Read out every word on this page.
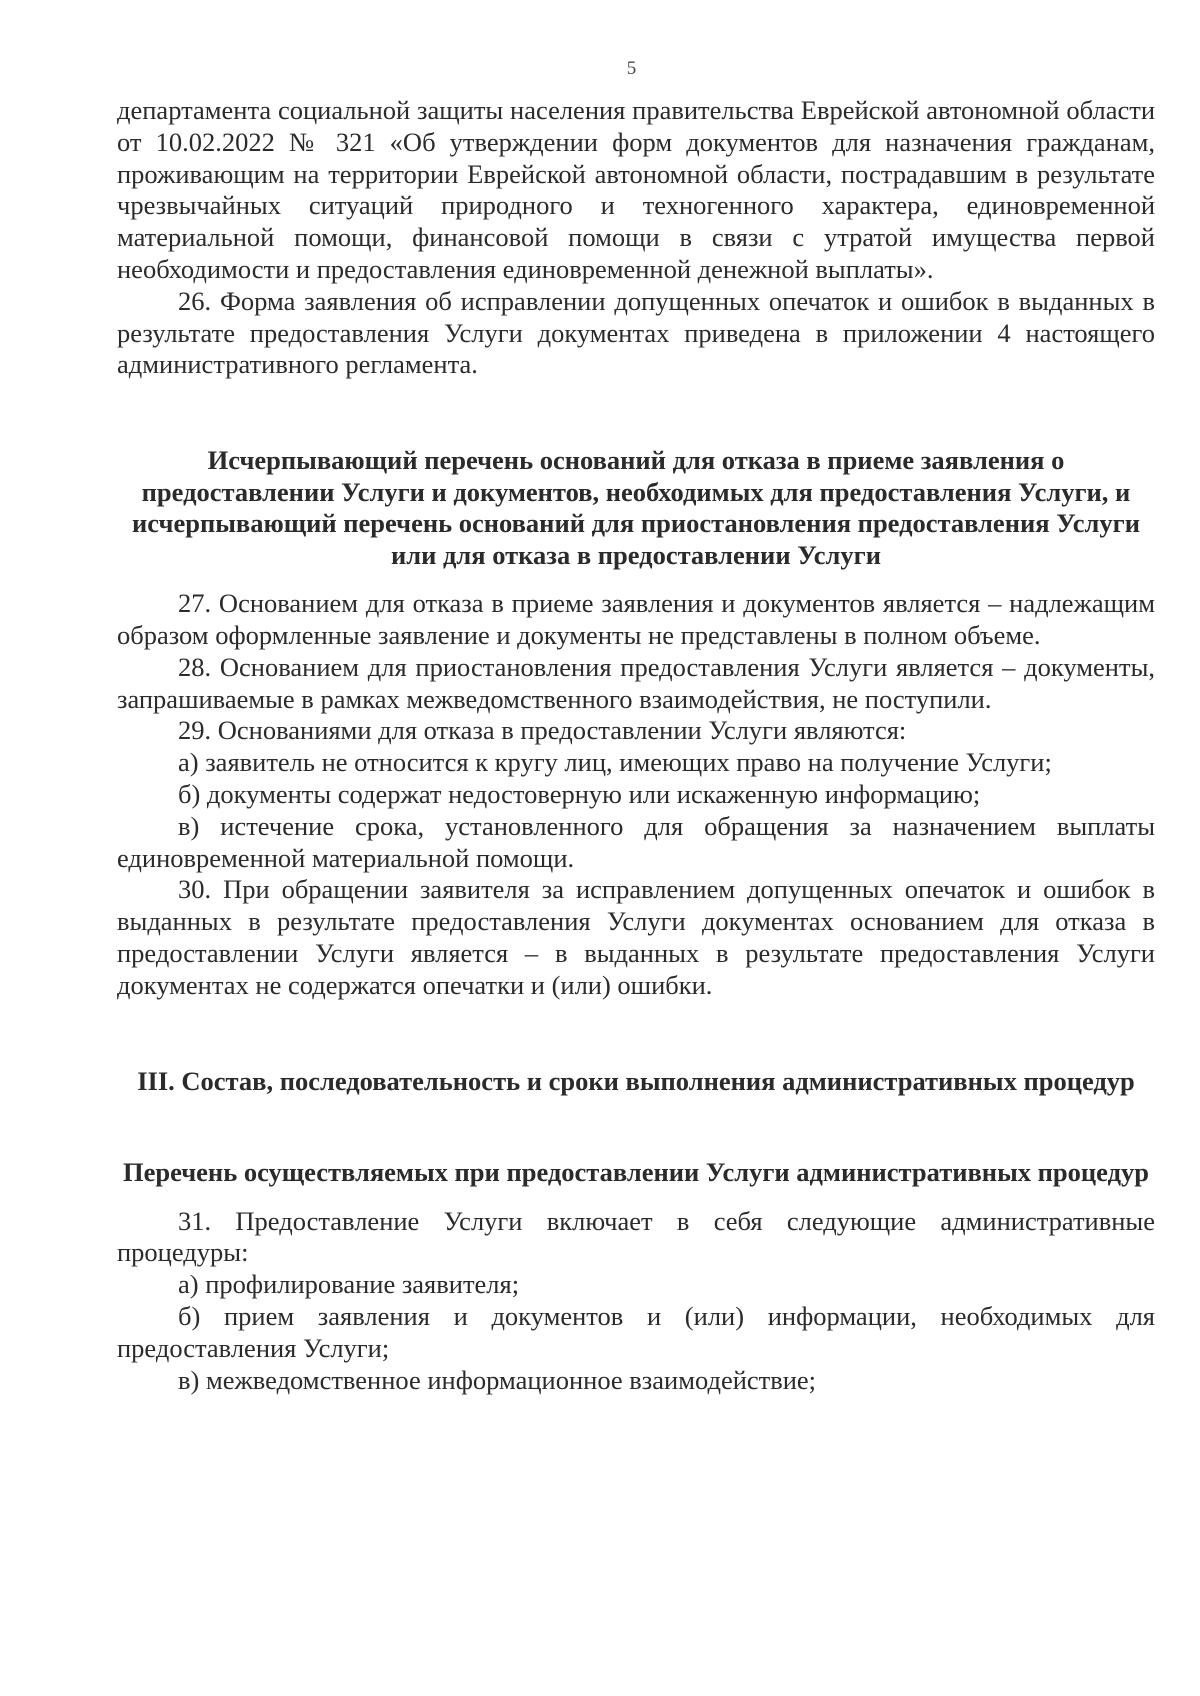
5

департамента социальной защиты населения правительства Еврейской автономной области от 10.02.2022 № 321 «Об утверждении форм документов для назначения гражданам, проживающим на территории Еврейской автономной области, пострадавшим в результате чрезвычайных ситуаций природного и техногенного характера, единовременной материальной помощи, финансовой помощи в связи с утратой имущества первой необходимости и предоставления единовременной денежной выплаты».

26. Форма заявления об исправлении допущенных опечаток и ошибок в выданных в результате предоставления Услуги документах приведена в приложении 4 настоящего административного регламента.

Исчерпывающий перечень оснований для отказа в приеме заявления о предоставлении Услуги и документов, необходимых для предоставления Услуги, и исчерпывающий перечень оснований для приостановления предоставления Услуги или для отказа в предоставлении Услуги

27. Основанием для отказа в приеме заявления и документов является – надлежащим образом оформленные заявление и документы не представлены в полном объеме.

28. Основанием для приостановления предоставления Услуги является – документы, запрашиваемые в рамках межведомственного взаимодействия, не поступили.

29. Основаниями для отказа в предоставлении Услуги являются:

а) заявитель не относится к кругу лиц, имеющих право на получение Услуги;

б) документы содержат недостоверную или искаженную информацию;

в) истечение срока, установленного для обращения за назначением выплаты единовременной материальной помощи.

30. При обращении заявителя за исправлением допущенных опечаток и ошибок в выданных в результате предоставления Услуги документах основанием для отказа в предоставлении Услуги является – в выданных в результате предоставления Услуги документах не содержатся опечатки и (или) ошибки.

III. Состав, последовательность и сроки выполнения административных процедур

Перечень осуществляемых при предоставлении Услуги административных процедур

31. Предоставление Услуги включает в себя следующие административные процедуры:

а) профилирование заявителя;

б) прием заявления и документов и (или) информации, необходимых для предоставления Услуги;

в) межведомственное информационное взаимодействие;
